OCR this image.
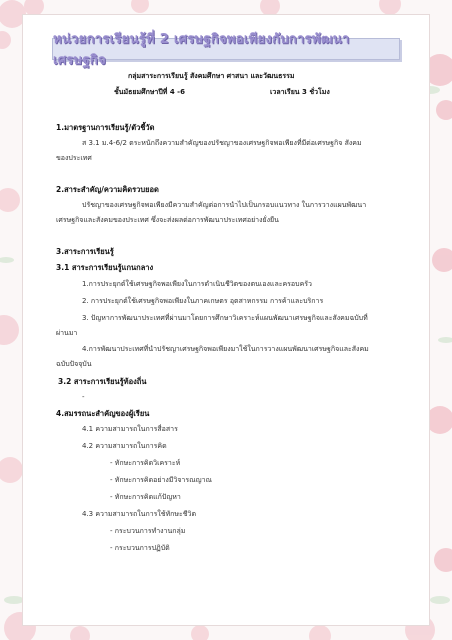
หน่วยการเรียนรู้ที่ 2 เศรษฐกิจพอเพียงกับการพัฒนาเศรษฐกิจ
กลุ่มสาระการเรียนรู้ สังคมศึกษา ศาสนา และวัฒนธรรม
ชั้นมัธยมศึกษาปีที่ 4 -6	เวลาเรียน 3 ชั่วโมง
1.มาตรฐานการเรียนรู้/ตัวชี้วัด
ส 3.1 ม.4-6/2 ตระหนักถึงความสำคัญของปรัชญาของเศรษฐกิจพอเพียงที่มีต่อเศรษฐกิจ สังคม
ของประเทศ
2.สาระสำคัญ/ความคิดรวบยอด
ปรัชญาของเศรษฐกิจพอเพียงมีความสำคัญต่อการนำไปเป็นกรอบแนวทาง ในการวางแผนพัฒนา
เศรษฐกิจและสังคมของประเทศ ซึ่งจะส่งผลต่อการพัฒนาประเทศอย่างยั่งยืน
3.สาระการเรียนรู้
3.1 สาระการเรียนรู้แกนกลาง
1.การประยุกต์ใช้เศรษฐกิจพอเพียงในการดำเนินชีวิตของตนเองและครอบครัว
2. การประยุกต์ใช้เศรษฐกิจพอเพียงในภาคเกษตร อุตสาหกรรม การค้าและบริการ
3. ปัญหาการพัฒนาประเทศที่ผ่านมาโดยการศึกษาวิเคราะห์แผนพัฒนาเศรษฐกิจและสังคมฉบับที่
ผ่านมา
4.การพัฒนาประเทศที่นำปรัชญาเศรษฐกิจพอเพียงมาใช้ในการวางแผนพัฒนาเศรษฐกิจและสังคม
ฉบับปัจจุบัน
3.2 สาระการเรียนรู้ท้องถิ่น
-
4.สมรรถนะสำคัญของผู้เรียน
4.1 ความสามารถในการสื่อสาร
4.2 ความสามารถในการคิด
- ทักษะการคิดวิเคราะห์
- ทักษะการคิดอย่างมีวิจารณญาณ
- ทักษะการคิดแก้ปัญหา
4.3 ความสามารถในการใช้ทักษะชีวิต
- กระบวนการทำงานกลุ่ม
- กระบวนการปฏิบัติ
